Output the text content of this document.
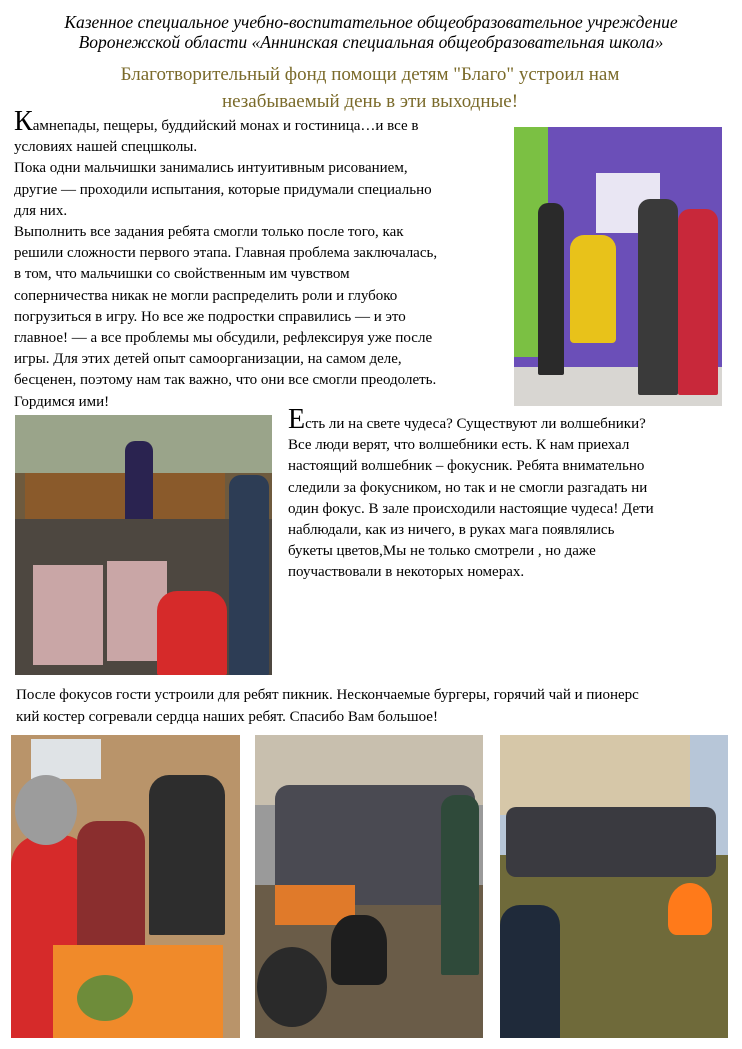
Казенное специальное учебно-воспитательное общеобразовательное учреждение
Воронежской области «Аннинская специальная общеобразовательная школа»
Благотворительный фонд помощи детям "Благо" устроил нам
незабываемый день в эти выходные!
Камнепады, пещеры, буддийский монах и гостиница…и все в
условиях нашей спецшколы.
Пока одни мальчишки занимались интуитивным рисованием,
другие — проходили испытания, которые придумали специально
для них.
Выполнить все задания ребята смогли только после того, как
решили сложности первого этапа. Главная проблема заключалась,
в том, что мальчишки со свойственным им чувством
соперничества никак не могли распределить роли и глубоко
погрузиться в игру. Но все же подростки справились — и это
главное! — а все проблемы мы обсудили, рефлексируя уже после
игры. Для этих детей опыт самоорганизации, на самом деле,
бесценен, поэтому нам так важно, что они все смогли преодолеть.
Гордимся ими!
Есть ли на свете чудеса? Существуют ли волшебники?
Все люди верят, что волшебники есть. К нам приехал
настоящий волшебник – фокусник. Ребята внимательно
следили за фокусником, но так и не смогли разгадать ни
один фокус. В зале происходили настоящие чудеса! Дети
наблюдали, как из ничего, в руках мага появлялись
букеты цветов,Мы не только смотрели , но даже
поучаствовали в некоторых номерах.
После фокусов гости устроили для ребят пикник. Нескончаемые бургеры, горячий чай и пионерс
кий костер согревали сердца наших ребят. Спасибо Вам большое!
